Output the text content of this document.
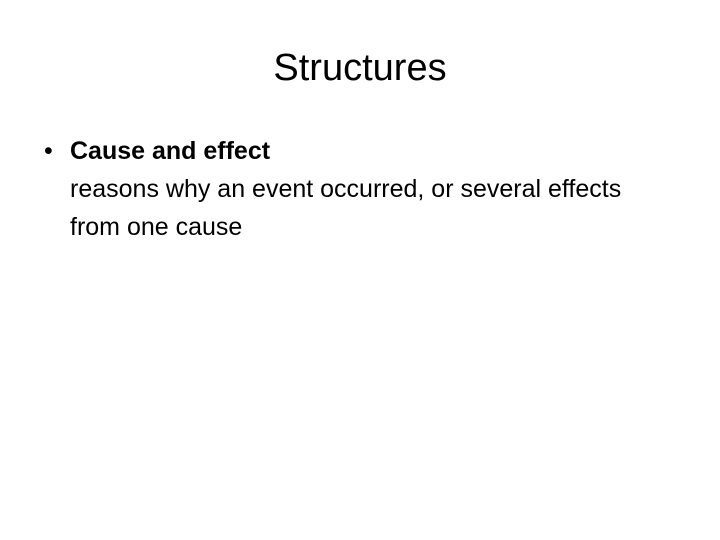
Structures
• Cause and effect
reasons why an event occurred, or several effects from one cause
